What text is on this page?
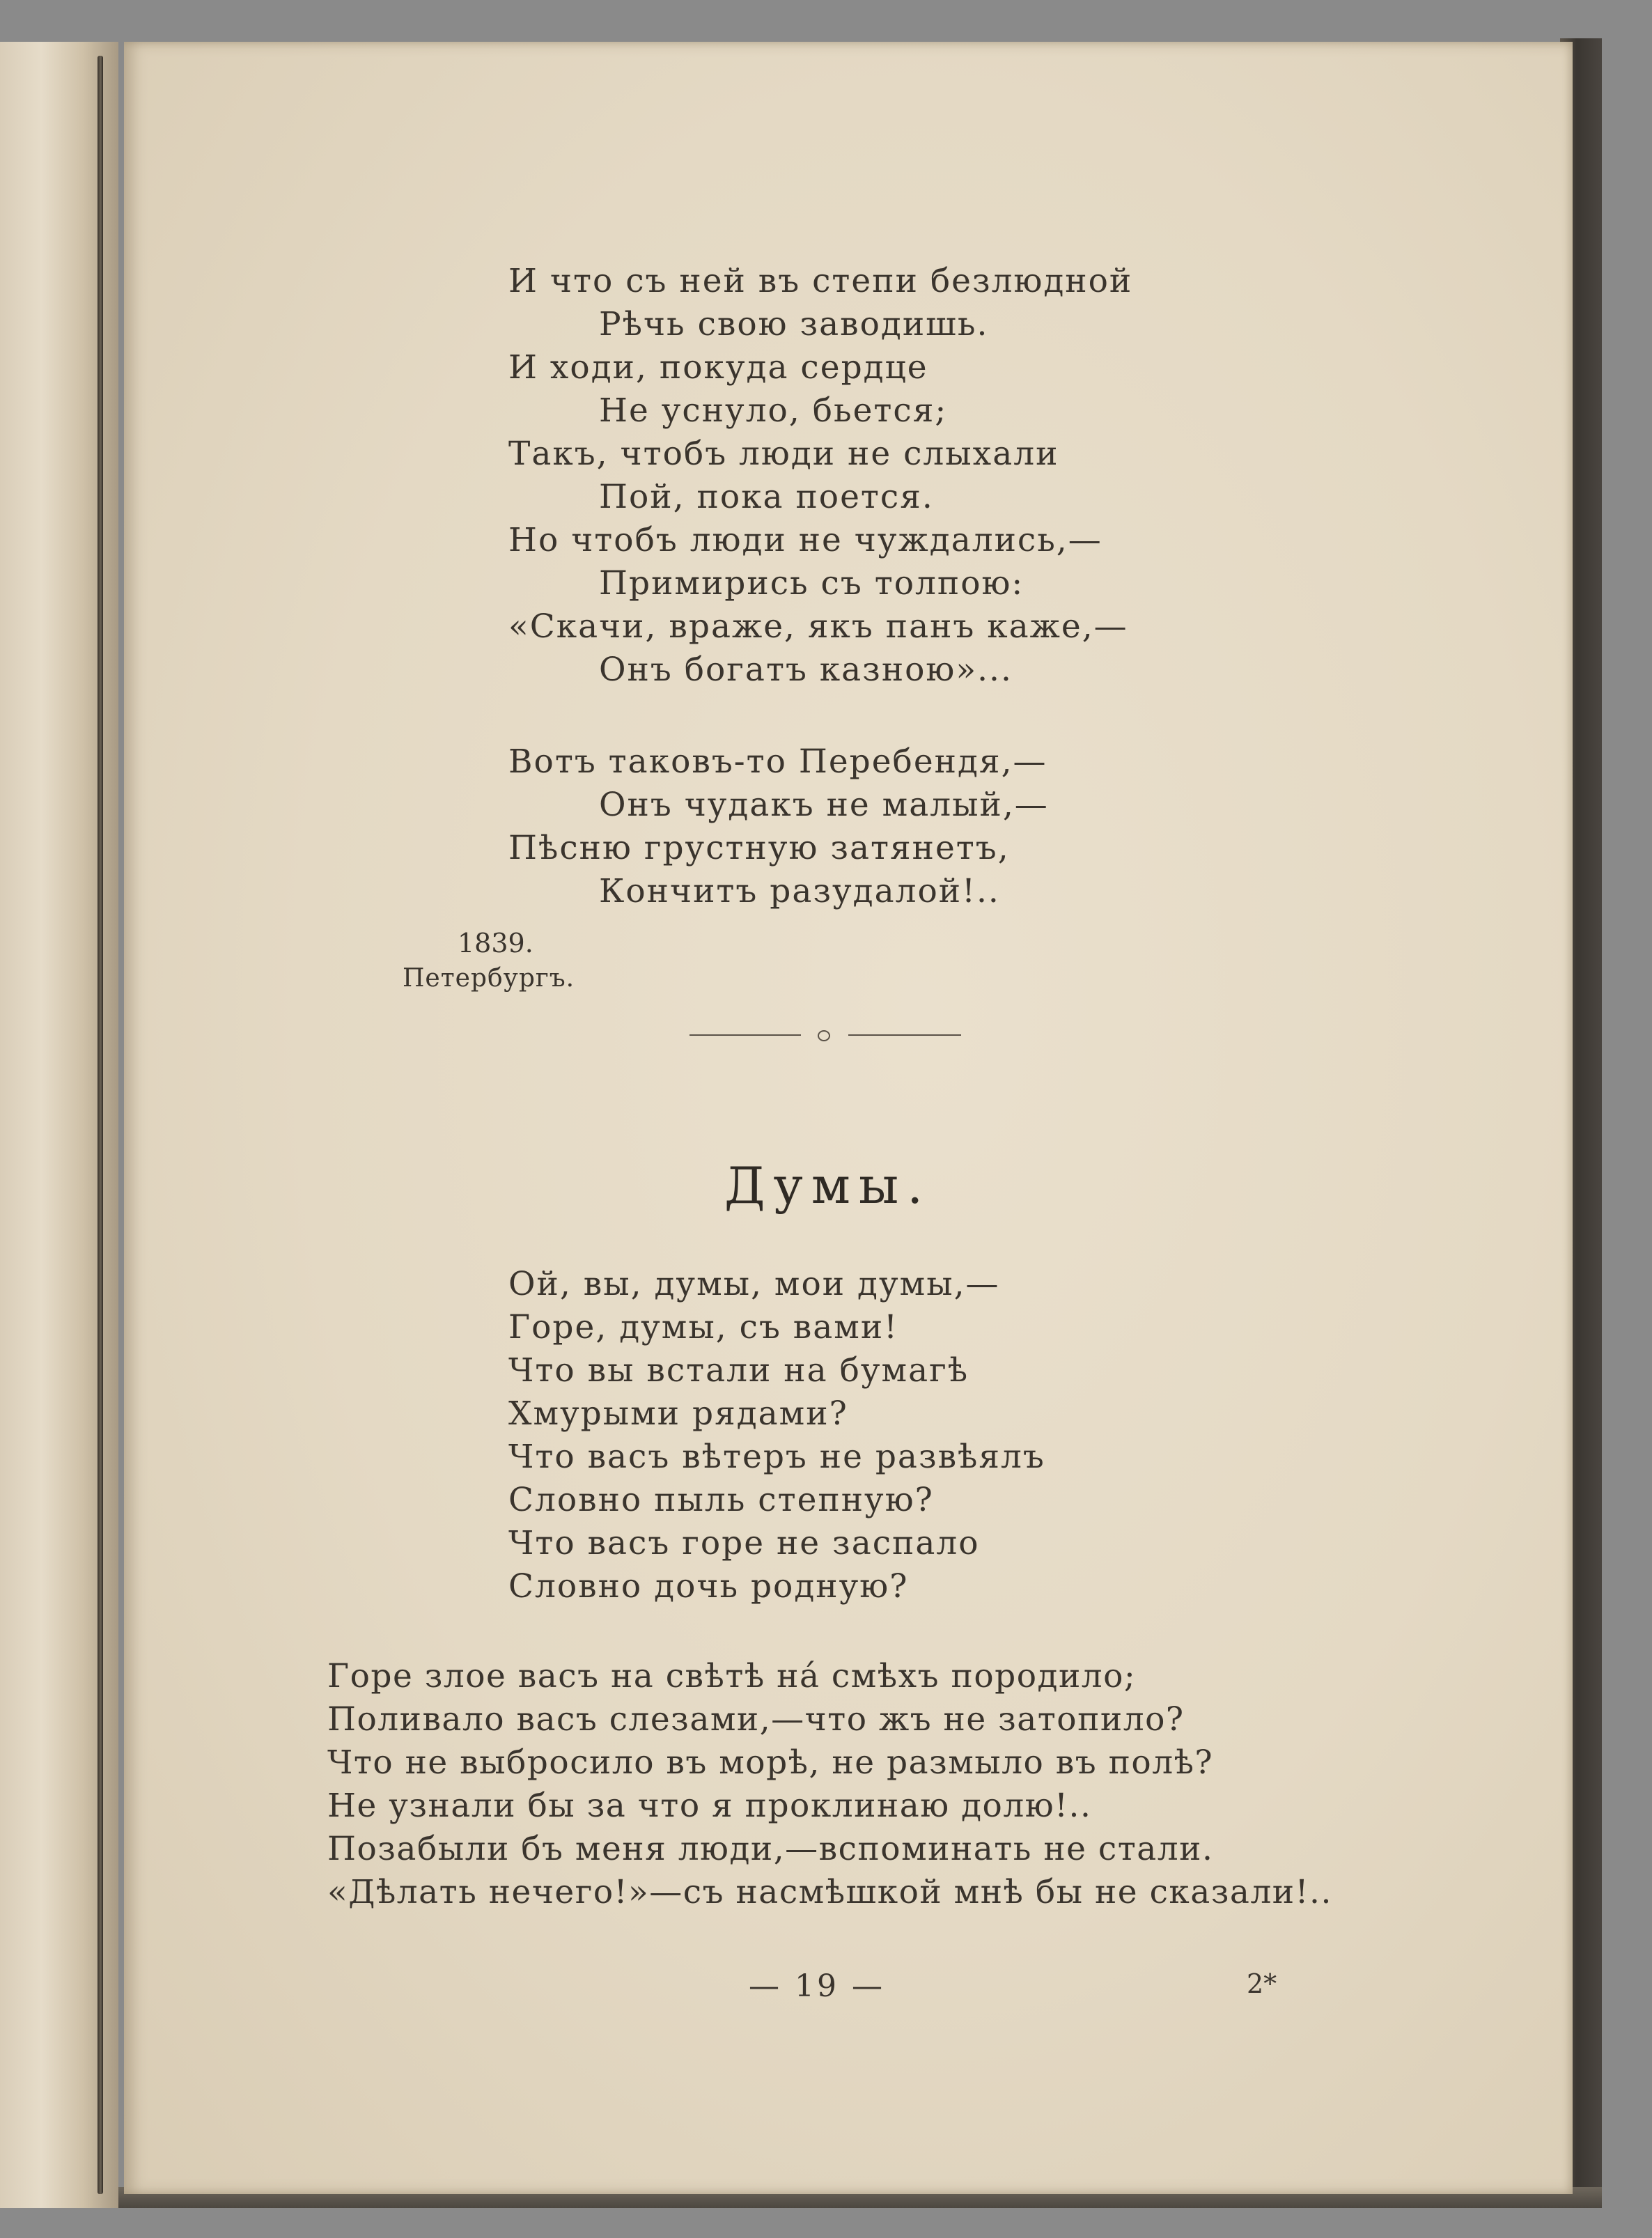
И что съ ней въ степи безлюдной
Рѣчь свою заводишь.
И ходи, покуда сердце
Не уснуло, бьется;
Такъ, чтобъ люди не слыхали
Пой, пока поется.
Но чтобъ люди не чуждались,—
Примирись съ толпою:
«Скачи, враже, якъ панъ каже,—
Онъ богатъ казною»...
Вотъ таковъ-то Перебендя,—
Онъ чудакъ не малый,—
Пѣсню грустную затянетъ,
Кончитъ разудалой!..
1839.
Петербургъ.
Думы.
Ой, вы, думы, мои думы,—
Горе, думы, съ вами!
Что вы встали на бумагѣ
Хмурыми рядами?
Что васъ вѣтеръ не развѣялъ
Словно пыль степную?
Что васъ горе не заспало
Словно дочь родную?
Горе злое васъ на свѣтѣ нá смѣхъ породило;
Поливало васъ слезами,—что жъ не затопило?
Что не выбросило въ морѣ, не размыло въ полѣ?
Не узнали бы за что я проклинаю долю!..
Позабыли бъ меня люди,—вспоминать не стали.
«Дѣлать нечего!»—съ насмѣшкой мнѣ бы не сказали!..
— 19 —	2*
